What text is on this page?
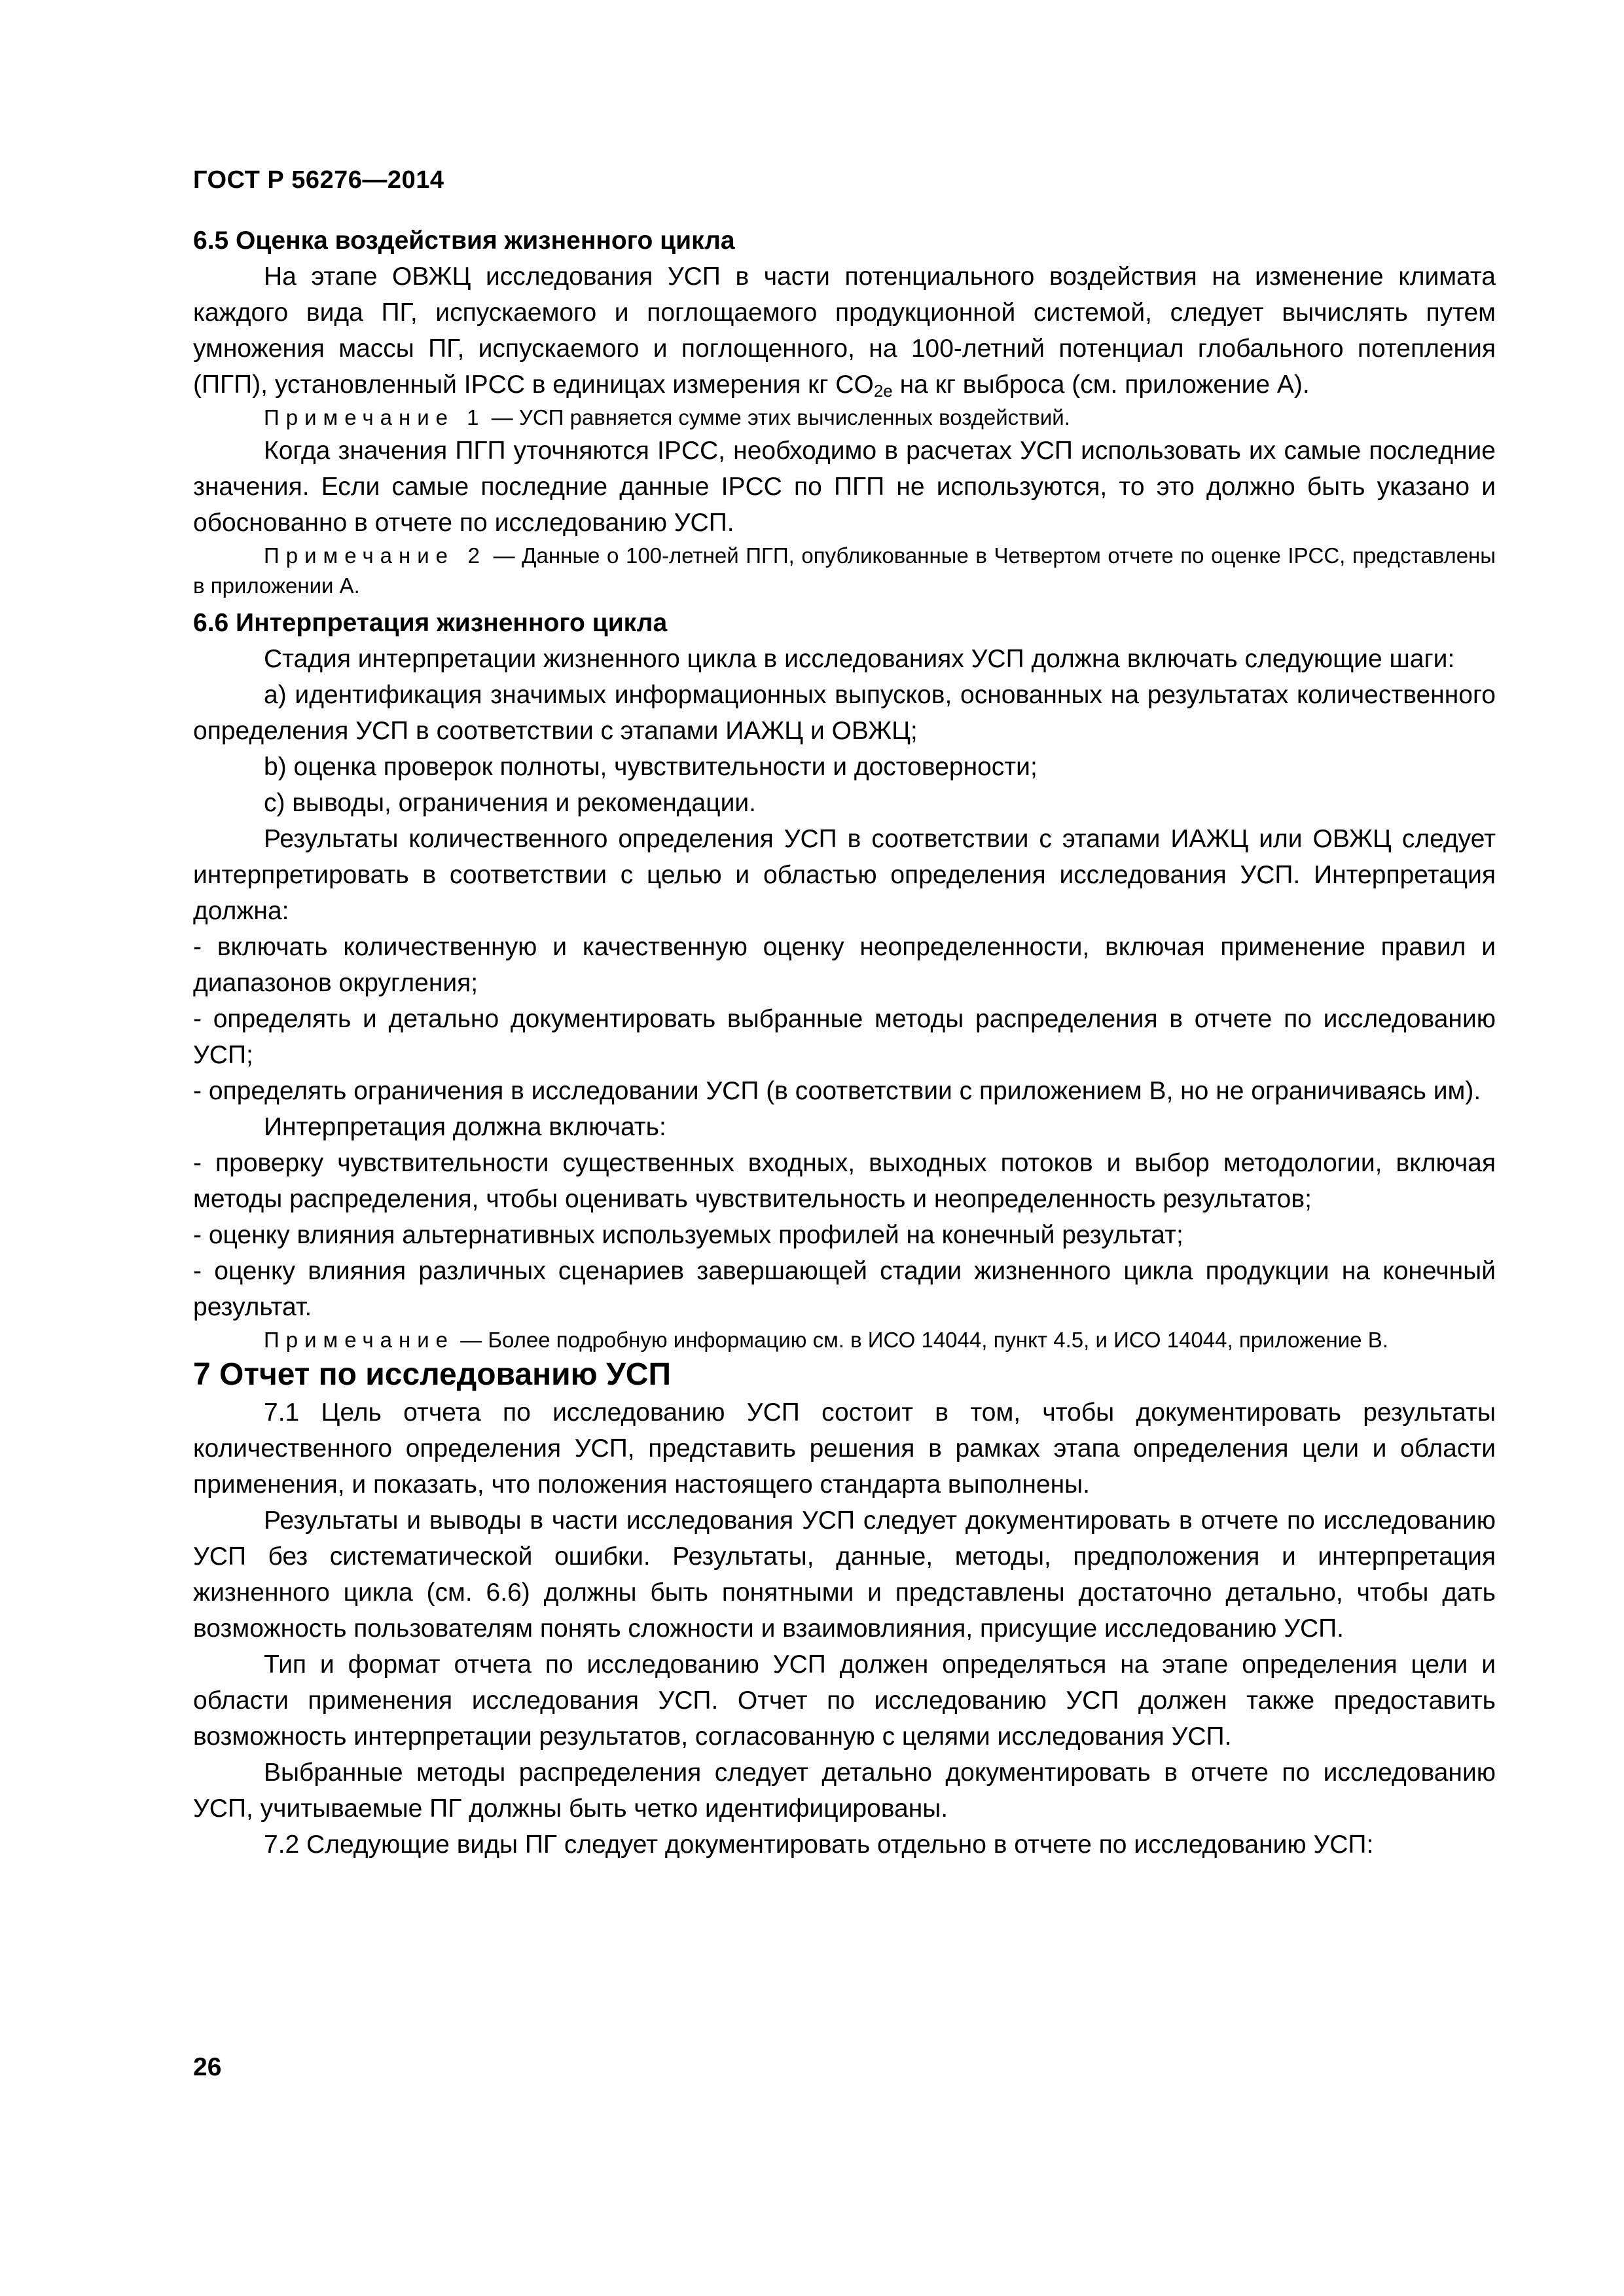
ГОСТ Р 56276—2014

6.5 Оценка воздействия жизненного цикла

На этапе ОВЖЦ исследования УСП в части потенциального воздействия на изменение климата каждого вида ПГ, испускаемого и поглощаемого продукционной системой, следует вычислять путем умножения массы ПГ, испускаемого и поглощенного, на 100-летний потенциал глобального потепления (ПГП), установленный IPCC в единицах измерения кг $CO_{2e}$ на кг выброса (см. приложение А).

Примечание 1 — УСП равняется сумме этих вычисленных воздействий.

Когда значения ПГП уточняются IPCC, необходимо в расчетах УСП использовать их самые последние значения. Если самые последние данные IPCC по ПГП не используются, то это должно быть указано и обоснованно в отчете по исследованию УСП.

Примечание 2 — Данные о 100-летней ПГП, опубликованные в Четвертом отчете по оценке IPCC, представлены в приложении А.

6.6 Интерпретация жизненного цикла

Стадия интерпретации жизненного цикла в исследованиях УСП должна включать следующие шаги:

а) идентификация значимых информационных выпусков, основанных на результатах количественного определения УСП в соответствии с этапами ИАЖЦ и ОВЖЦ;

b) оценка проверок полноты, чувствительности и достоверности;

с) выводы, ограничения и рекомендации.

Результаты количественного определения УСП в соответствии с этапами ИАЖЦ или ОВЖЦ следует интерпретировать в соответствии с целью и областью определения исследования УСП. Интерпретация должна:

- включать количественную и качественную оценку неопределенности, включая применение правил и диапазонов округления;

- определять и детально документировать выбранные методы распределения в отчете по исследованию УСП;

- определять ограничения в исследовании УСП (в соответствии с приложением В, но не ограничиваясь им).

Интерпретация должна включать:

- проверку чувствительности существенных входных, выходных потоков и выбор методологии, включая методы распределения, чтобы оценивать чувствительность и неопределенность результатов;

- оценку влияния альтернативных используемых профилей на конечный результат;

- оценку влияния различных сценариев завершающей стадии жизненного цикла продукции на конечный результат.

Примечание — Более подробную информацию см. в ИСО 14044, пункт 4.5, и ИСО 14044, приложение В.

7 Отчет по исследованию УСП

7.1 Цель отчета по исследованию УСП состоит в том, чтобы документировать результаты количественного определения УСП, представить решения в рамках этапа определения цели и области применения, и показать, что положения настоящего стандарта выполнены.

Результаты и выводы в части исследования УСП следует документировать в отчете по исследованию УСП без систематической ошибки. Результаты, данные, методы, предположения и интерпретация жизненного цикла (см. 6.6) должны быть понятными и представлены достаточно детально, чтобы дать возможность пользователям понять сложности и взаимовлияния, присущие исследованию УСП.

Тип и формат отчета по исследованию УСП должен определяться на этапе определения цели и области применения исследования УСП. Отчет по исследованию УСП должен также предоставить возможность интерпретации результатов, согласованную с целями исследования УСП.

Выбранные методы распределения следует детально документировать в отчете по исследованию УСП, учитываемые ПГ должны быть четко идентифицированы.

7.2 Следующие виды ПГ следует документировать отдельно в отчете по исследованию УСП:

26
